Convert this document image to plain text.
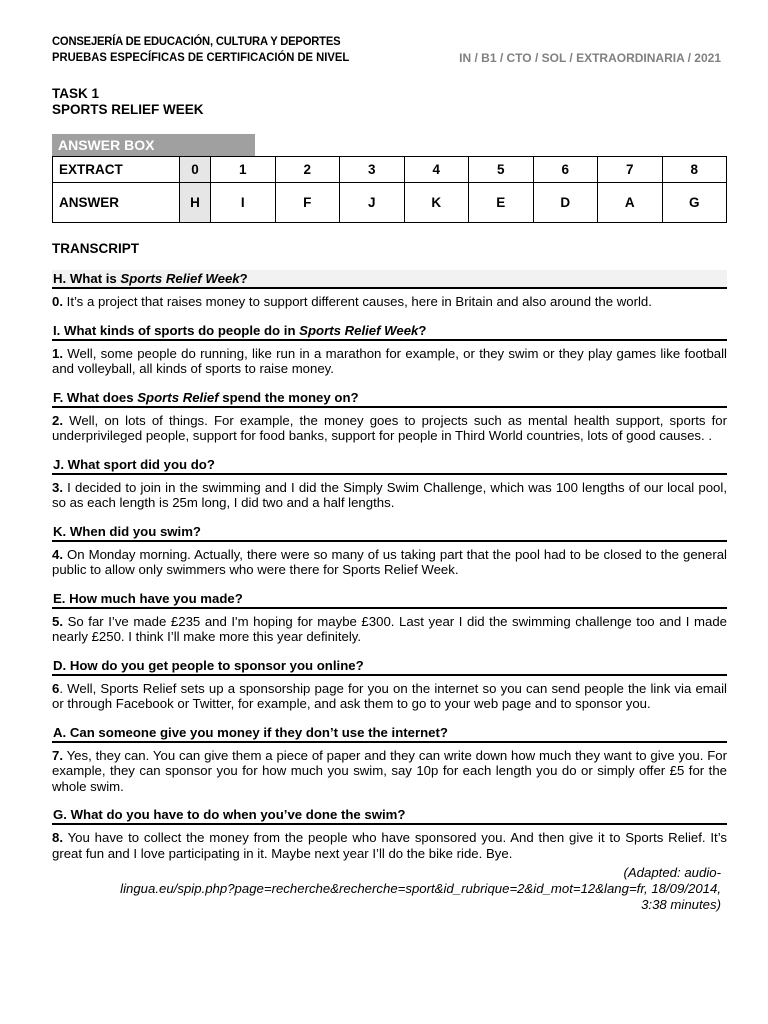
CONSEJERÍA DE EDUCACIÓN, CULTURA Y DEPORTES
PRUEBAS ESPECÍFICAS DE CERTIFICACIÓN DE NIVEL	IN / B1 / CTO / SOL / EXTRAORDINARIA / 2021
TASK 1
SPORTS RELIEF WEEK
ANSWER BOX
EXTRACT	0	1	2	3	4	5	6	7	8
ANSWER	H	I	F	J	K	E	D	A	G
TRANSCRIPT
H. What is Sports Relief Week?
0. It’s a project that raises money to support different causes, here in Britain and also around the world.
I. What kinds of sports do people do in Sports Relief Week?
1. Well, some people do running, like run in a marathon for example, or they swim or they play games like football and volleyball, all kinds of sports to raise money.
F. What does Sports Relief spend the money on?
2. Well, on lots of things. For example, the money goes to projects such as mental health support, sports for underprivileged people, support for food banks, support for people in Third World countries, lots of good causes. .
J. What sport did you do?
3. I decided to join in the swimming and I did the Simply Swim Challenge, which was 100 lengths of our local pool, so as each length is 25m long, I did two and a half lengths.
K. When did you swim?
4. On Monday morning. Actually, there were so many of us taking part that the pool had to be closed to the general public to allow only swimmers who were there for Sports Relief Week.
E. How much have you made?
5. So far I’ve made £235 and I'm hoping for maybe £300. Last year I did the swimming challenge too and I made nearly £250. I think I’ll make more this year definitely.
D. How do you get people to sponsor you online?
6. Well, Sports Relief sets up a sponsorship page for you on the internet so you can send people the link via email or through Facebook or Twitter, for example, and ask them to go to your web page and to sponsor you.
A. Can someone give you money if they don’t use the internet?
7. Yes, they can. You can give them a piece of paper and they can write down how much they want to give you. For example, they can sponsor you for how much you swim, say 10p for each length you do or simply offer £5 for the whole swim.
G. What do you have to do when you’ve done the swim?
8. You have to collect the money from the people who have sponsored you. And then give it to Sports Relief. It’s great fun and I love participating in it. Maybe next year I’ll do the bike ride. Bye.
(Adapted: audio-
lingua.eu/spip.php?page=recherche&recherche=sport&id_rubrique=2&id_mot=12&lang=fr, 18/09/2014,
3:38 minutes)
